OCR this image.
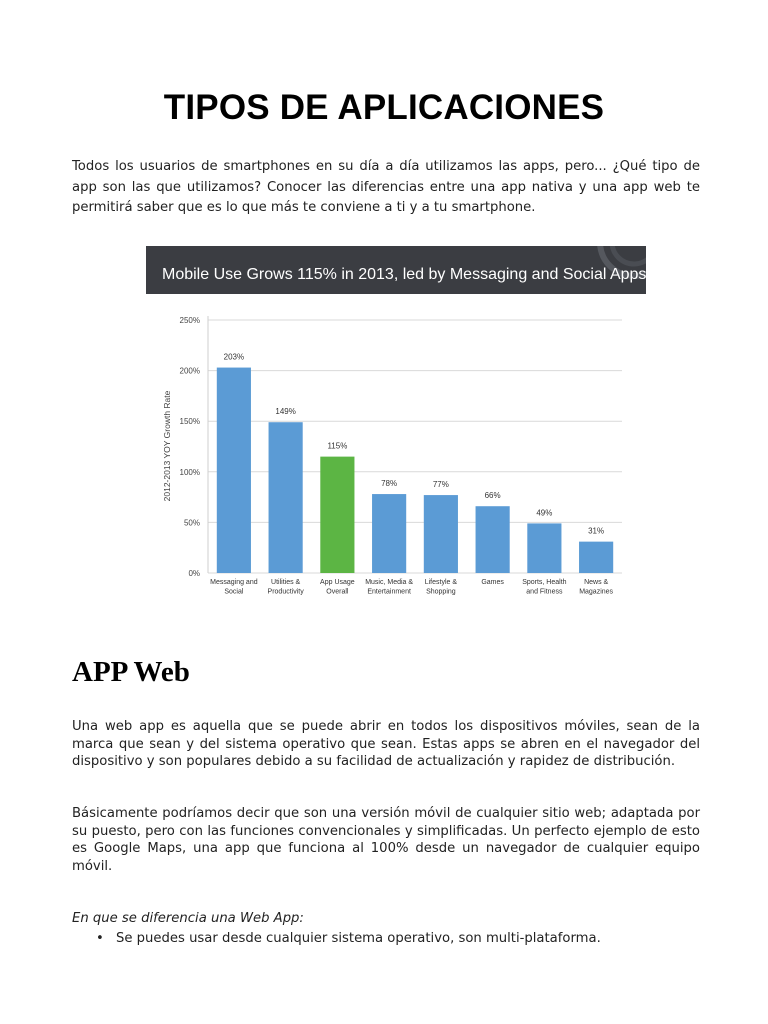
TIPOS DE APLICACIONES

Todos los usuarios de smartphones en su día a día utilizamos las apps, pero... ¿Qué tipo de app son las que utilizamos? Conocer las diferencias entre una app nativa y una app web te permitirá saber que es lo que más te conviene a ti y a tu smartphone.

Mobile Use Grows 115% in 2013, led by Messaging and Social Apps
0%
50%
100%
150%
200%
250%
203%
Messaging and
Social
149%
Utilities &
Productivity
115%
App Usage
Overall
78%
Music, Media &
Entertainment
77%
Lifestyle &
Shopping
66%
Games
49%
Sports, Health
and Fitness
31%
News &
Magazines
2012-2013 YOY Growth Rate
APP Web

Una web app es aquella que se puede abrir en todos los dispositivos móviles, sean de la marca que sean y del sistema operativo que sean. Estas apps se abren en el navegador del dispositivo y son populares debido a su facilidad de actualización y rapidez de distribución.

Básicamente podríamos decir que son una versión móvil de cualquier sitio web; adaptada por su puesto, pero con las funciones convencionales y simplificadas. Un perfecto ejemplo de esto es Google Maps, una app que funciona al 100% desde un navegador de cualquier equipo móvil.

En que se diferencia una Web App:

• Se puedes usar desde cualquier sistema operativo, son multi-plataforma.
